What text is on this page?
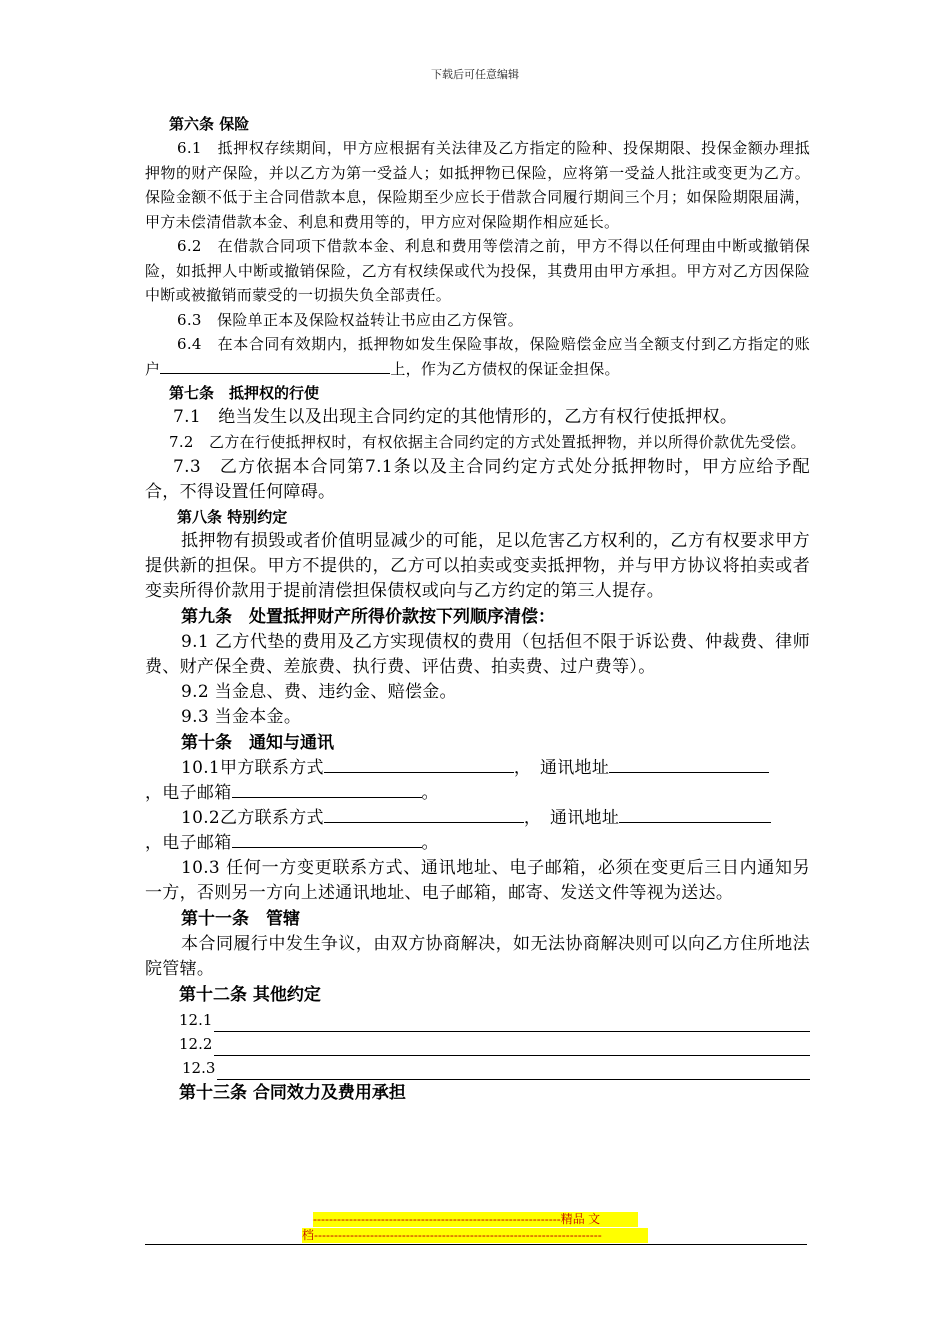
下载后可任意编辑

第六条 保险

6.1　抵押权存续期间，甲方应根据有关法律及乙方指定的险种、投保期限、投保金额办理抵押物的财产保险，并以乙方为第一受益人；如抵押物已保险，应将第一受益人批注或变更为乙方。保险金额不低于主合同借款本息，保险期至少应长于借款合同履行期间三个月；如保险期限届满，甲方未偿清借款本金、利息和费用等的，甲方应对保险期作相应延长。

6.2　在借款合同项下借款本金、利息和费用等偿清之前，甲方不得以任何理由中断或撤销保险，如抵押人中断或撤销保险，乙方有权续保或代为投保，其费用由甲方承担。甲方对乙方因保险中断或被撤销而蒙受的一切损失负全部责任。

6.3　保险单正本及保险权益转让书应由乙方保管。

6.4　在本合同有效期内，抵押物如发生保险事故，保险赔偿金应当全额支付到乙方指定的账户	上，作为乙方债权的保证金担保。

第七条　抵押权的行使

7.1　绝当发生以及出现主合同约定的其他情形的，乙方有权行使抵押权。

7.2　乙方在行使抵押权时，有权依据主合同约定的方式处置抵押物，并以所得价款优先受偿。

7.3　乙方依据本合同第7.1条以及主合同约定方式处分抵押物时，甲方应给予配合，不得设置任何障碍。

第八条 特别约定

抵押物有损毁或者价值明显减少的可能，足以危害乙方权利的，乙方有权要求甲方提供新的担保。甲方不提供的，乙方可以拍卖或变卖抵押物，并与甲方协议将拍卖或者变卖所得价款用于提前清偿担保债权或向与乙方约定的第三人提存。

第九条　处置抵押财产所得价款按下列顺序清偿：

9.1 乙方代垫的费用及乙方实现债权的费用（包括但不限于诉讼费、仲裁费、律师费、财产保全费、差旅费、执行费、评估费、拍卖费、过户费等）。

9.2 当金息、费、违约金、赔偿金。

9.3 当金本金。

第十条　通知与通讯

10.1甲方联系方式	，　通讯地址
，电子邮箱	。

10.2乙方联系方式	，　通讯地址
，电子邮箱	。

10.3 任何一方变更联系方式、通讯地址、电子邮箱，必须在变更后三日内通知另一方，否则另一方向上述通讯地址、电子邮箱，邮寄、发送文件等视为送达。

第十一条　管辖

本合同履行中发生争议，由双方协商解决，如无法协商解决则可以向乙方住所地法院管辖。

第十二条 其他约定

12.1
12.2
12.3

第十三条 合同效力及费用承担

--------------------------------------------------------------精品 文
档------------------------------------------------------------------------
